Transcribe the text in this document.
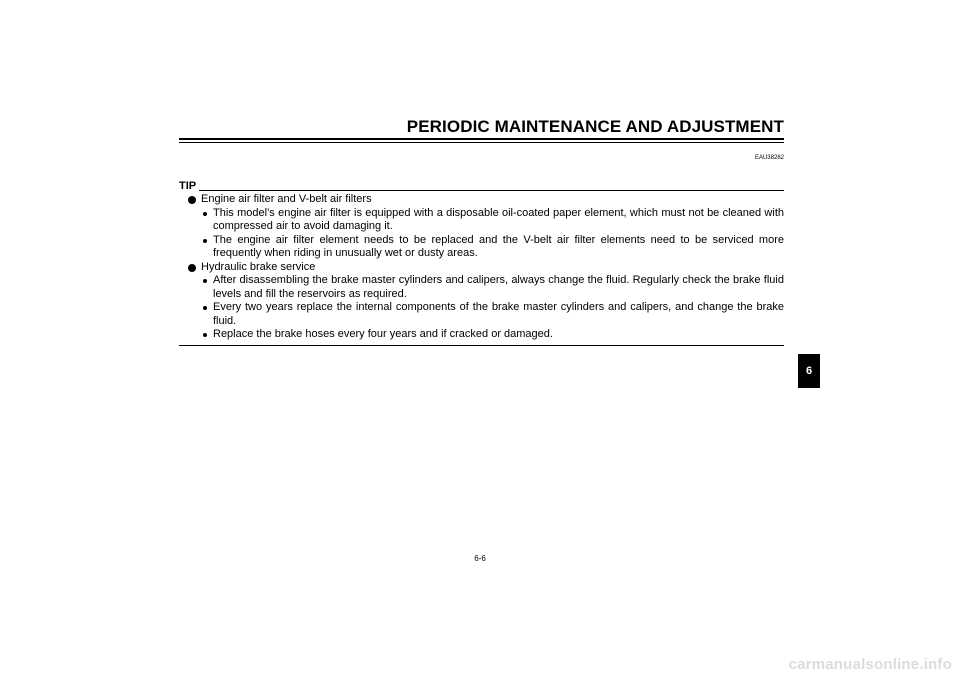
PERIODIC MAINTENANCE AND ADJUSTMENT
EAU38262
TIP

Engine air filter and V-belt air filters

This model’s engine air filter is equipped with a disposable oil-coated paper element, which must not be cleaned with compressed air to avoid damaging it.

The engine air filter element needs to be replaced and the V-belt air filter elements need to be serviced more frequently when riding in unusually wet or dusty areas.

Hydraulic brake service

After disassembling the brake master cylinders and calipers, always change the fluid. Regularly check the brake fluid levels and fill the reservoirs as required.

Every two years replace the internal components of the brake master cylinders and calipers, and change the brake fluid.

Replace the brake hoses every four years and if cracked or damaged.

6
6-6
carmanualsonline.info
